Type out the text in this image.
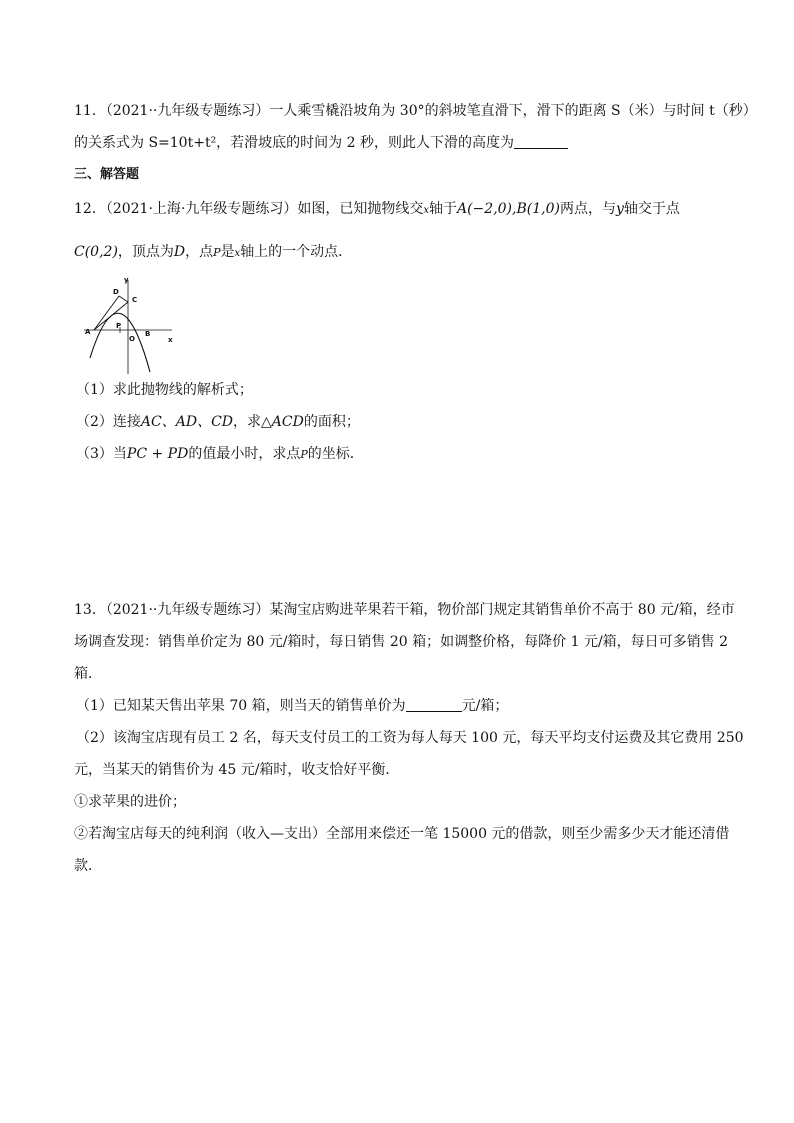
11．（2021··九年级专题练习）一人乘雪橇沿坡角为 30°的斜坡笔直滑下，滑下的距离 S（米）与时间 t（秒）
的关系式为 S=10t+t²，若滑坡底的时间为 2 秒，则此人下滑的高度为
三、解答题
12．（2021·上海·九年级专题练习）如图，已知抛物线交x轴于A(−2,0),B(1,0)两点，与y轴交于点
C(0,2)，顶点为D，点P是x轴上的一个动点．
y
D
C
A
P
O
B
x
（1）求此抛物线的解析式；
（2）连接AC、AD、CD，求△ACD的面积；
（3）当PC + PD的值最小时，求点P的坐标．
13．（2021··九年级专题练习）某淘宝店购进苹果若干箱，物价部门规定其销售单价不高于 80 元/箱，经市
场调查发现：销售单价定为 80 元/箱时，每日销售 20 箱；如调整价格，每降价 1 元/箱，每日可多销售 2
箱．
（1）已知某天售出苹果 70 箱，则当天的销售单价为	元/箱；
（2）该淘宝店现有员工 2 名，每天支付员工的工资为每人每天 100 元，每天平均支付运费及其它费用 250
元，当某天的销售价为 45 元/箱时，收支恰好平衡．
①求苹果的进价；
②若淘宝店每天的纯利润（收入—支出）全部用来偿还一笔 15000 元的借款，则至少需多少天才能还清借
款．
